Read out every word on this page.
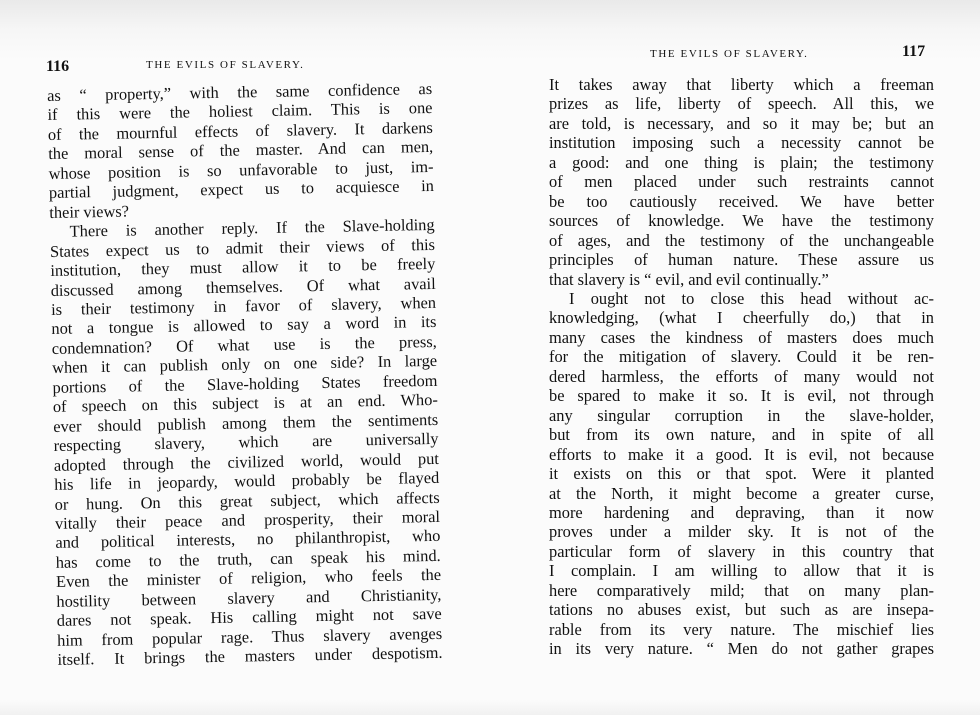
116	THE EVILS OF SLAVERY.
as “ property,” with the same confidence as
if this were the holiest claim. This is one
of the mournful effects of slavery. It darkens
the moral sense of the master. And can men,
whose position is so unfavorable to just, im-
partial judgment, expect us to acquiesce in
their views?
There is another reply. If the Slave-holding
States expect us to admit their views of this
institution, they must allow it to be freely
discussed among themselves. Of what avail
is their testimony in favor of slavery, when
not a tongue is allowed to say a word in its
condemnation? Of what use is the press,
when it can publish only on one side? In large
portions of the Slave-holding States freedom
of speech on this subject is at an end. Who-
ever should publish among them the sentiments
respecting slavery, which are universally
adopted through the civilized world, would put
his life in jeopardy, would probably be flayed
or hung. On this great subject, which affects
vitally their peace and prosperity, their moral
and political interests, no philanthropist, who
has come to the truth, can speak his mind.
Even the minister of religion, who feels the
hostility between slavery and Christianity,
dares not speak. His calling might not save
him from popular rage. Thus slavery avenges
itself. It brings the masters under despotism.
THE EVILS OF SLAVERY.	117
It takes away that liberty which a freeman
prizes as life, liberty of speech. All this, we
are told, is necessary, and so it may be; but an
institution imposing such a necessity cannot be
a good: and one thing is plain; the testimony
of men placed under such restraints cannot
be too cautiously received. We have better
sources of knowledge. We have the testimony
of ages, and the testimony of the unchangeable
principles of human nature. These assure us
that slavery is “ evil, and evil continually.”
I ought not to close this head without ac-
knowledging, (what I cheerfully do,) that in
many cases the kindness of masters does much
for the mitigation of slavery. Could it be ren-
dered harmless, the efforts of many would not
be spared to make it so. It is evil, not through
any singular corruption in the slave-holder,
but from its own nature, and in spite of all
efforts to make it a good. It is evil, not because
it exists on this or that spot. Were it planted
at the North, it might become a greater curse,
more hardening and depraving, than it now
proves under a milder sky. It is not of the
particular form of slavery in this country that
I complain. I am willing to allow that it is
here comparatively mild; that on many plan-
tations no abuses exist, but such as are insepa-
rable from its very nature. The mischief lies
in its very nature. “ Men do not gather grapes
